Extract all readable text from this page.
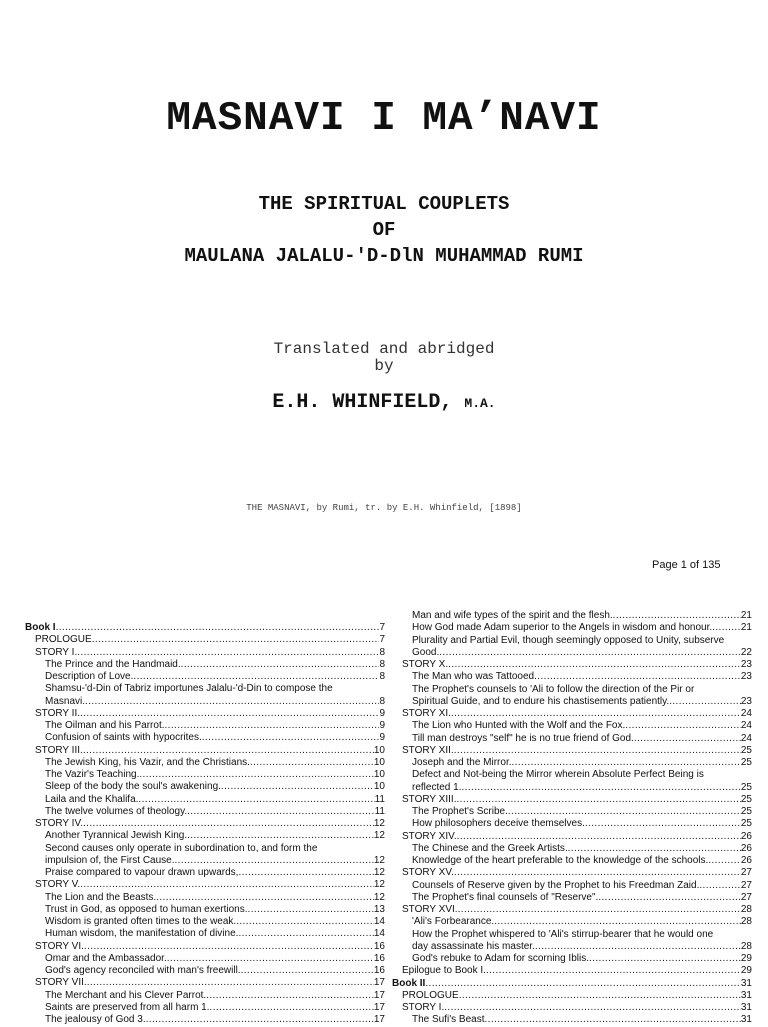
MASNAVI I MA’NAVI
THE SPIRITUAL COUPLETS
OF
MAULANA JALALU-'D-DlN MUHAMMAD RUMI
Translated and abridged
by
E.H. WHINFIELD, M.A.
THE MASNAVI, by Rumi, tr. by E.H. Whinfield, [1898]
Page 1 of 135
Book I .....	7
PROLOGUE .....	7
STORY I. .....	8
The Prince and the Handmaid. .....	8
Description of Love. .....	8
Shamsu-'d-Din of Tabriz importunes Jalalu-'d-Din to compose the
Masnavi. .....	8
STORY II. .....	9
The Oilman and his Parrot. .....	9
Confusion of saints with hypocrites. .....	9
STORY III. .....	10
The Jewish King, his Vazir, and the Christians. .....	10
The Vazir's Teaching. .....	10
Sleep of the body the soul's awakening. .....	10
Laila and the Khalifa. .....	11
The twelve volumes of theology. .....	11
STORY IV. .....	12
Another Tyrannical Jewish King. .....	12
Second causes only operate in subordination to, and form the
impulsion of, the First Cause. .....	12
Praise compared to vapour drawn upwards, .....	12
STORY V. .....	12
The Lion and the Beasts. .....	12
Trust in God, as opposed to human exertions. .....	13
Wisdom is granted often times to the weak. .....	14
Human wisdom, the manifestation of divine. .....	14
STORY VI. .....	16
Omar and the Ambassador. .....	16
God's agency reconciled with man's freewill. .....	16
STORY VII. .....	17
The Merchant and his Clever Parrot. .....	17
Saints are preserved from all harm 1. .....	17
The jealousy of God 3. .....	17
Man and wife types of the spirit and the flesh. .....	21
How God made Adam superior to the Angels in wisdom and honour. .....	21
Plurality and Partial Evil, though seemingly opposed to Unity, subserve
Good. .....	22
STORY X. .....	23
The Man who was Tattooed .....	23
The Prophet's counsels to 'Ali to follow the direction of the Pir or
Spiritual Guide, and to endure his chastisements patiently. .....	23
STORY XI. .....	24
The Lion who Hunted with the Wolf and the Fox. .....	24
Till man destroys "self" he is no true friend of God. .....	24
STORY XII. .....	25
Joseph and the Mirror. .....	25
Defect and Not-being the Mirror wherein Absolute Perfect Being is
reflected 1. .....	25
STORY XIII. .....	25
The Prophet's Scribe. .....	25
How philosophers deceive themselves. .....	25
STORY XIV. .....	26
The Chinese and the Greek Artists. .....	26
Knowledge of the heart preferable to the knowledge of the schools. .....	26
STORY XV. .....	27
Counsels of Reserve given by the Prophet to his Freedman Zaid. .....	27
The Prophet's final counsels of "Reserve". .....	27
STORY XVI. .....	28
'Ali's Forbearance. .....	28
How the Prophet whispered to 'Ali's stirrup-bearer that he would one
day assassinate his master. .....	28
God's rebuke to Adam for scorning Iblis. .....	29
Epilogue to Book I. .....	29
Book II .....	31
PROLOGUE .....	31
STORY I. .....	31
The Sufi's Beast .....	31
